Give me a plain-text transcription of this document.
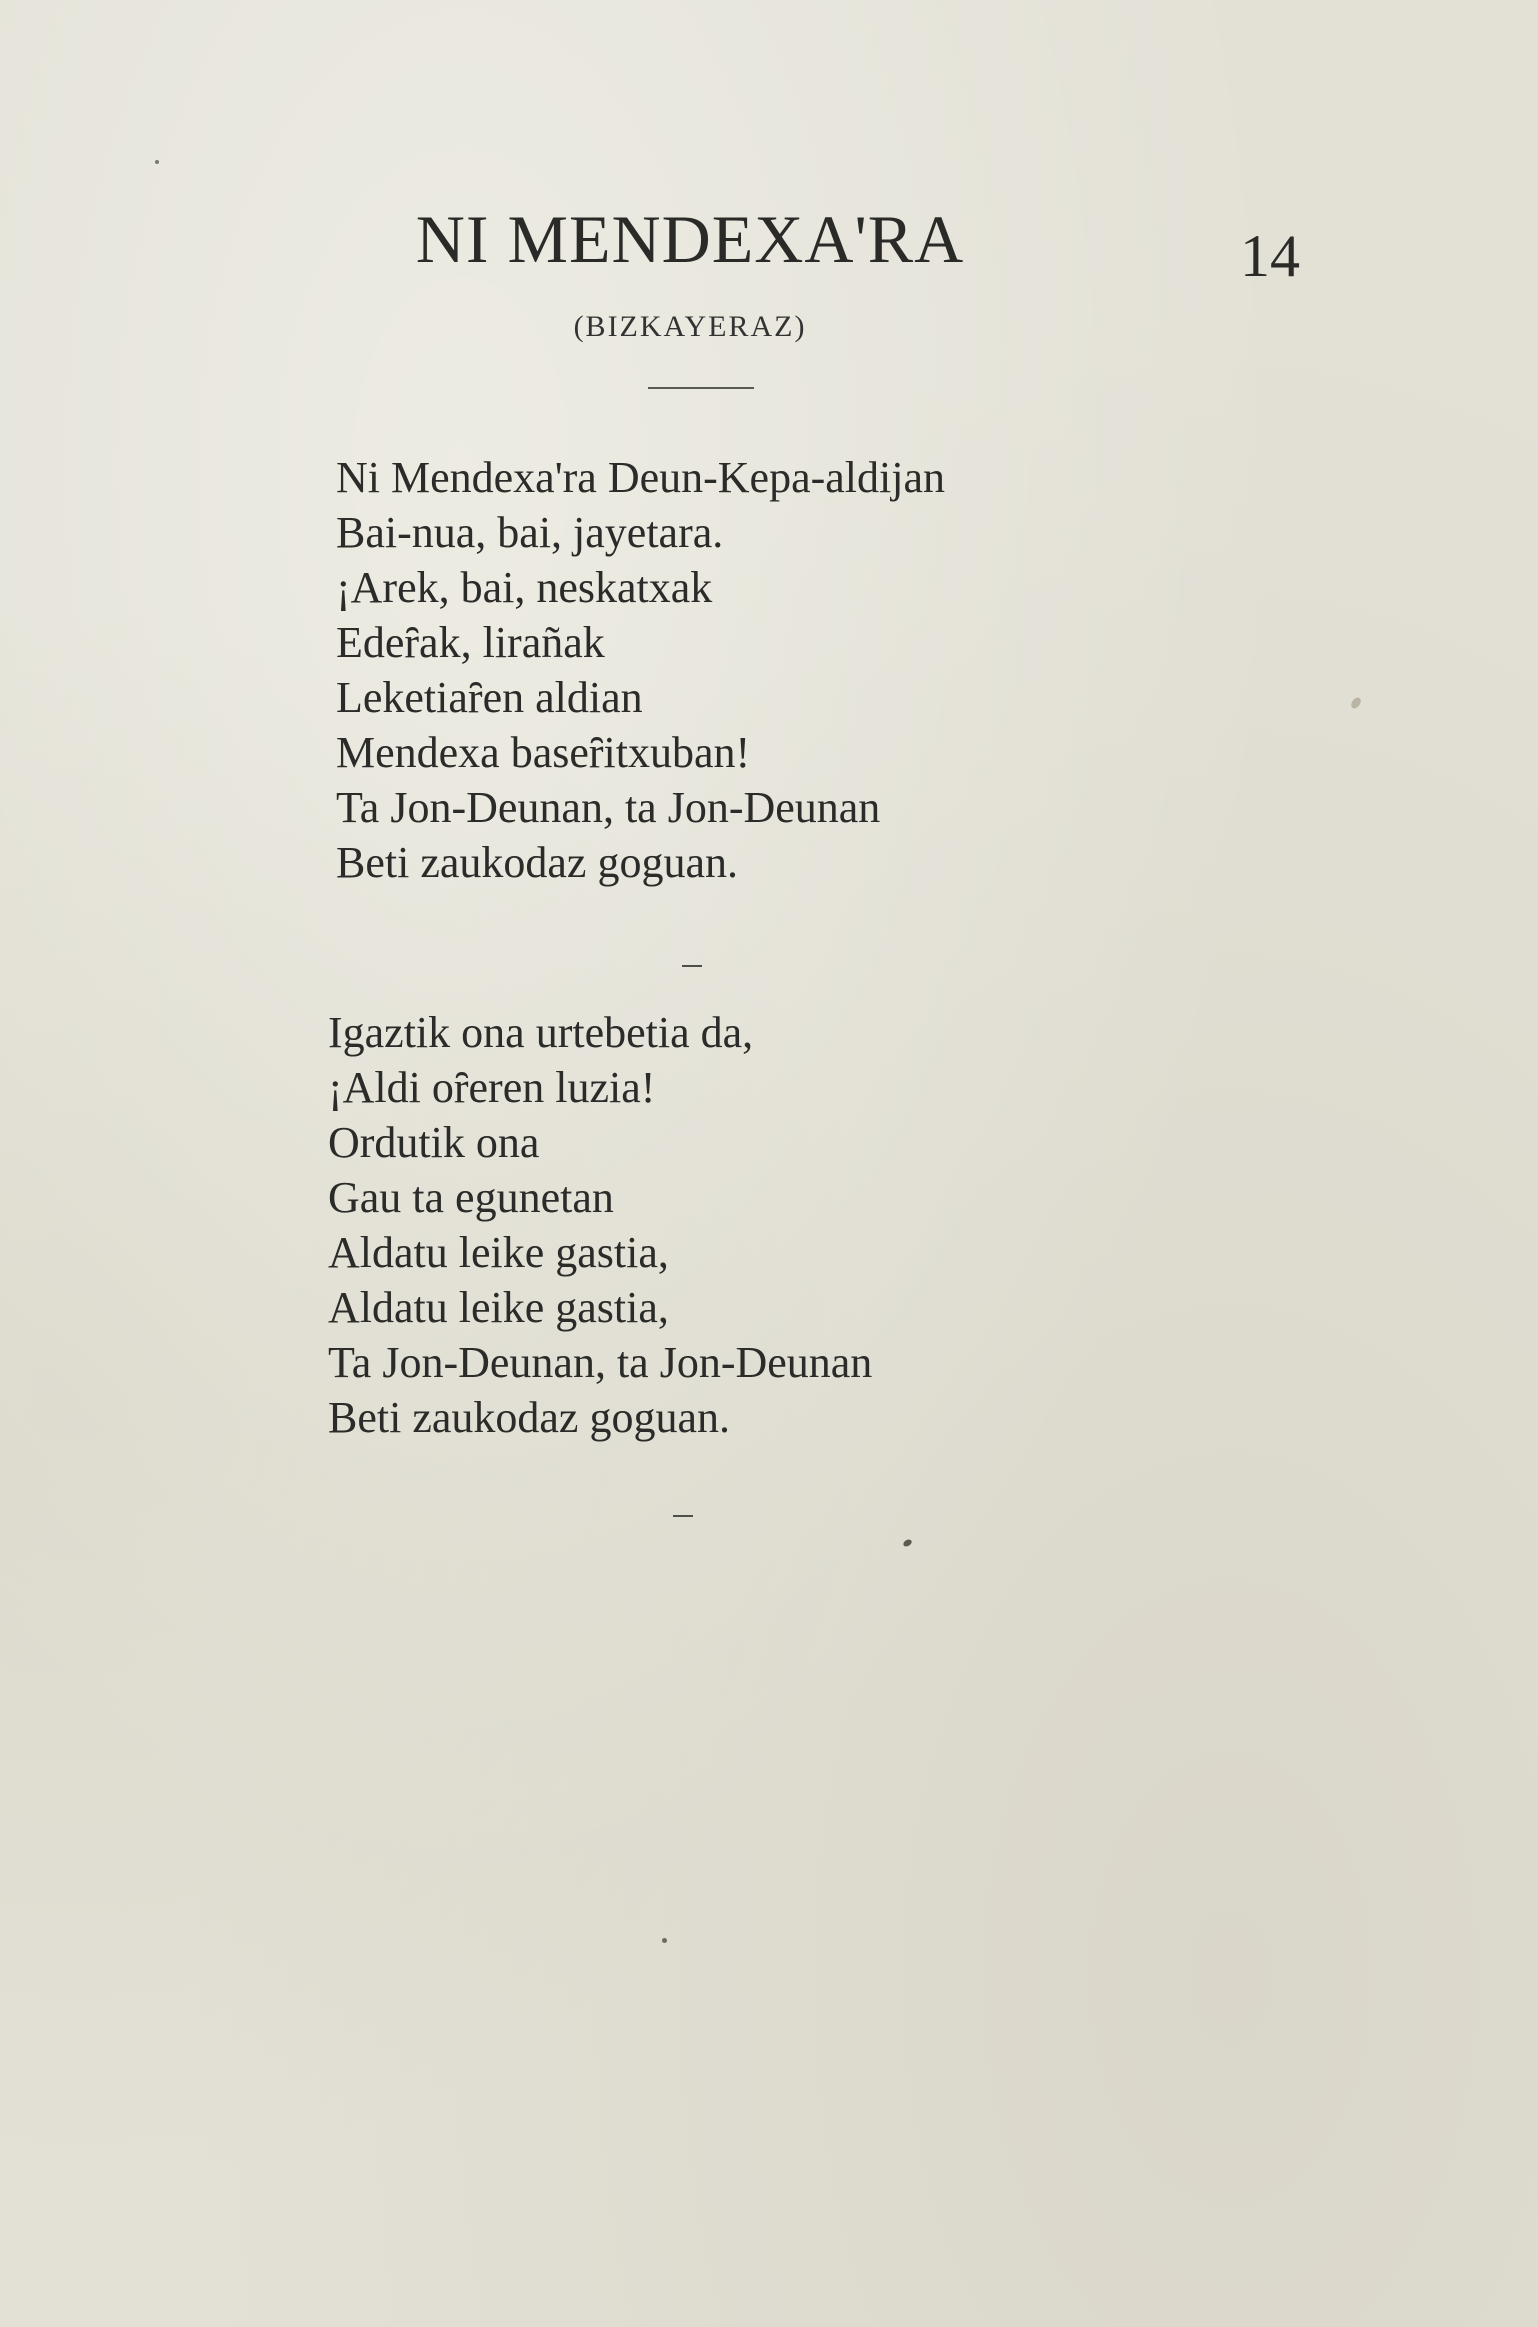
NI MENDEXA'RA	14
(BIZKAYERAZ)
Ni Mendexa'ra Deun-Kepa-aldijan
Bai-nua, bai, jayetara.
¡Arek, bai, neskatxak
Edeȓak, lirañak
Leketiaȓen aldian
Mendexa baseȓitxuban!
Ta Jon-Deunan, ta Jon-Deunan
Beti zaukodaz goguan.
Igaztik ona urtebetia da,
¡Aldi oȓeren luzia!
Ordutik ona
Gau ta egunetan
Aldatu leike gastia,
Aldatu leike gastia,
Ta Jon-Deunan, ta Jon-Deunan
Beti zaukodaz goguan.
